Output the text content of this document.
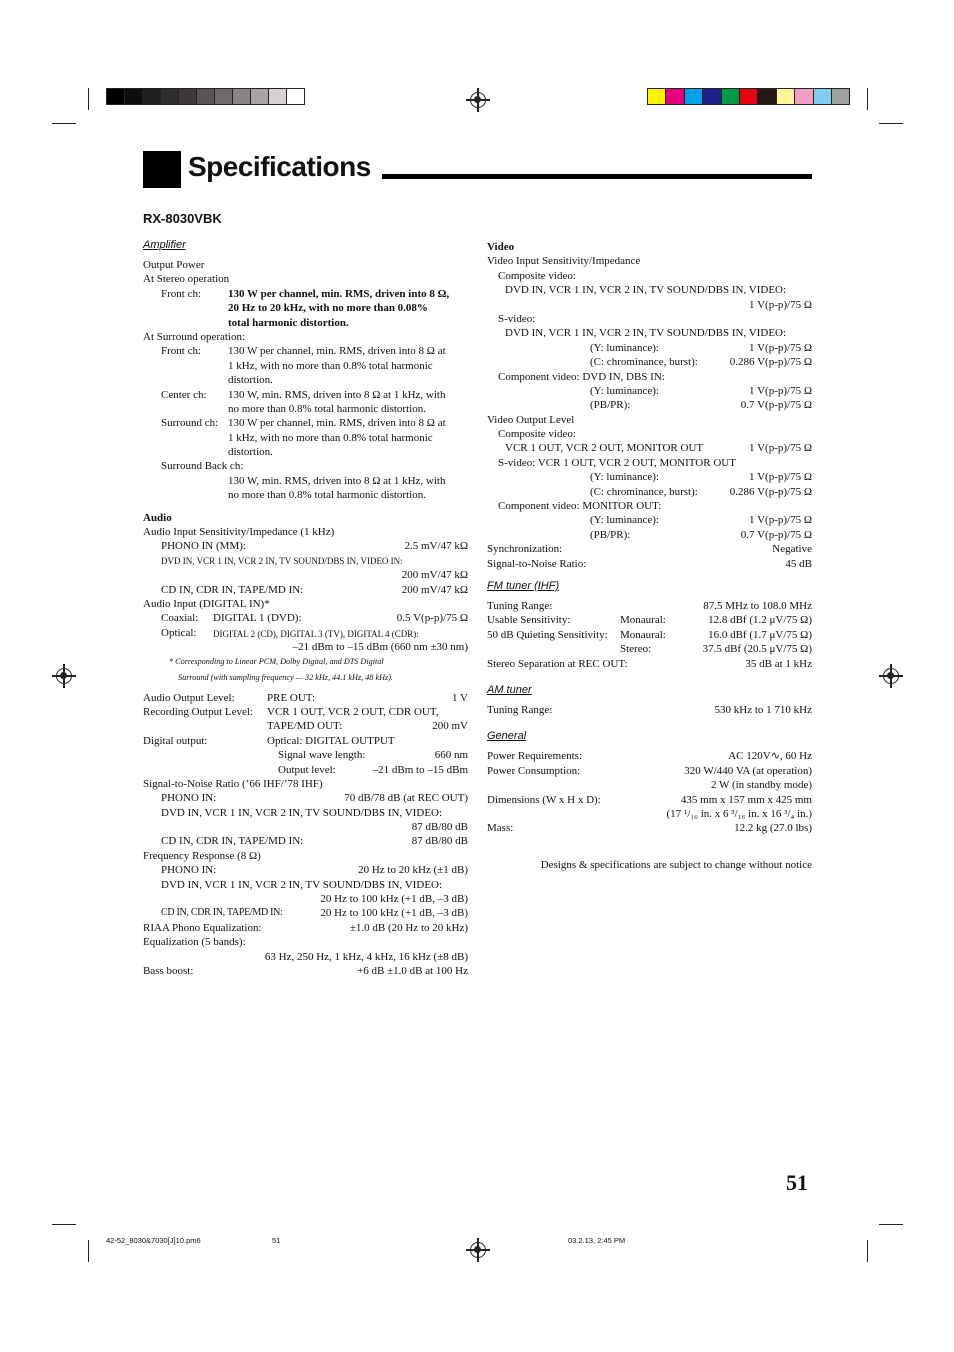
Specifications
RX-8030VBK
Amplifier
Output Power
At Stereo operation
Front ch: 130 W per channel, min. RMS, driven into 8 Ω,
20 Hz to 20 kHz, with no more than 0.08%
total harmonic distortion.
At Surround operation:
Front ch: 130 W per channel, min. RMS, driven into 8 Ω at
1 kHz, with no more than 0.8% total harmonic
distortion.
Center ch: 130 W, min. RMS, driven into 8 Ω at 1 kHz, with
no more than 0.8% total harmonic distortion.
Surround ch: 130 W per channel, min. RMS, driven into 8 Ω at
1 kHz, with no more than 0.8% total harmonic
distortion.
Surround Back ch:
130 W, min. RMS, driven into 8 Ω at 1 kHz, with
no more than 0.8% total harmonic distortion.
Audio
Audio Input Sensitivity/Impedance (1 kHz)
PHONO IN (MM):	2.5 mV/47 kΩ
DVD IN, VCR 1 IN, VCR 2 IN, TV SOUND/DBS IN, VIDEO IN:
200 mV/47 kΩ
CD IN, CDR IN, TAPE/MD IN:	200 mV/47 kΩ
Audio Input (DIGITAL IN)*
Coaxial: DIGITAL 1 (DVD):	0.5 V(p-p)/75 Ω
Optical: DIGITAL 2 (CD), DIGITAL 3 (TV), DIGITAL 4 (CDR):
–21 dBm to –15 dBm (660 nm ±30 nm)
* Corresponding to Linear PCM, Dolby Digital, and DTS Digital
Surround (with sampling frequency — 32 kHz, 44.1 kHz, 48 kHz).
Audio Output Level:	PRE OUT:	1 V
Recording Output Level: VCR 1 OUT, VCR 2 OUT, CDR OUT,
TAPE/MD OUT:	200 mV
Digital output:	Optical: DIGITAL OUTPUT
Signal wave length:	660 nm
Output level:	–21 dBm to –15 dBm
Signal-to-Noise Ratio (’66 IHF/’78 IHF)
PHONO IN:	70 dB/78 dB (at REC OUT)
DVD IN, VCR 1 IN, VCR 2 IN, TV SOUND/DBS IN, VIDEO:
87 dB/80 dB
CD IN, CDR IN, TAPE/MD IN:	87 dB/80 dB
Frequency Response (8 Ω)
PHONO IN:	20 Hz to 20 kHz (±1 dB)
DVD IN, VCR 1 IN, VCR 2 IN, TV SOUND/DBS IN, VIDEO:
20 Hz to 100 kHz (+1 dB, –3 dB)
CD IN, CDR IN, TAPE/MD IN:	20 Hz to 100 kHz (+1 dB, –3 dB)
RIAA Phono Equalization:	±1.0 dB (20 Hz to 20 kHz)
Equalization (5 bands):
63 Hz, 250 Hz, 1 kHz, 4 kHz, 16 kHz (±8 dB)
Bass boost:	+6 dB ±1.0 dB at 100 Hz
Video
Video Input Sensitivity/Impedance
Composite video:
DVD IN, VCR 1 IN, VCR 2 IN, TV SOUND/DBS IN, VIDEO:
1 V(p-p)/75 Ω
S-video:
DVD IN, VCR 1 IN, VCR 2 IN, TV SOUND/DBS IN, VIDEO:
(Y: luminance):	1 V(p-p)/75 Ω
(C: chrominance, burst):	0.286 V(p-p)/75 Ω
Component video: DVD IN, DBS IN:
(Y: luminance):	1 V(p-p)/75 Ω
(PB/PR):	0.7 V(p-p)/75 Ω
Video Output Level
Composite video:
VCR 1 OUT, VCR 2 OUT, MONITOR OUT	1 V(p-p)/75 Ω
S-video: VCR 1 OUT, VCR 2 OUT, MONITOR OUT
(Y: luminance):	1 V(p-p)/75 Ω
(C: chrominance, burst):	0.286 V(p-p)/75 Ω
Component video: MONITOR OUT:
(Y: luminance):	1 V(p-p)/75 Ω
(PB/PR):	0.7 V(p-p)/75 Ω
Synchronization:	Negative
Signal-to-Noise Ratio:	45 dB
FM tuner (IHF)
Tuning Range:	87.5 MHz to 108.0 MHz
Usable Sensitivity:	Monaural:	12.8 dBf (1.2 μV/75 Ω)
50 dB Quieting Sensitivity: Monaural:	16.0 dBf (1.7 μV/75 Ω)
Stereo:	37.5 dBf (20.5 μV/75 Ω)
Stereo Separation at REC OUT:	35 dB at 1 kHz
AM tuner
Tuning Range:	530 kHz to 1 710 kHz
General
Power Requirements:	AC 120V∿, 60 Hz
Power Consumption:	320 W/440 VA (at operation)
2 W (in standby mode)
Dimensions (W x H x D):	435 mm x 157 mm x 425 mm
(17 ¹/₁₆ in. x 6 ³/₁₆ in. x 16 ³/₄ in.)
Mass:	12.2 kg (27.0 lbs)
Designs & specifications are subject to change without notice
51
42-52_8030&7030[J]10.pm6	51	03.2.13, 2:45 PM
